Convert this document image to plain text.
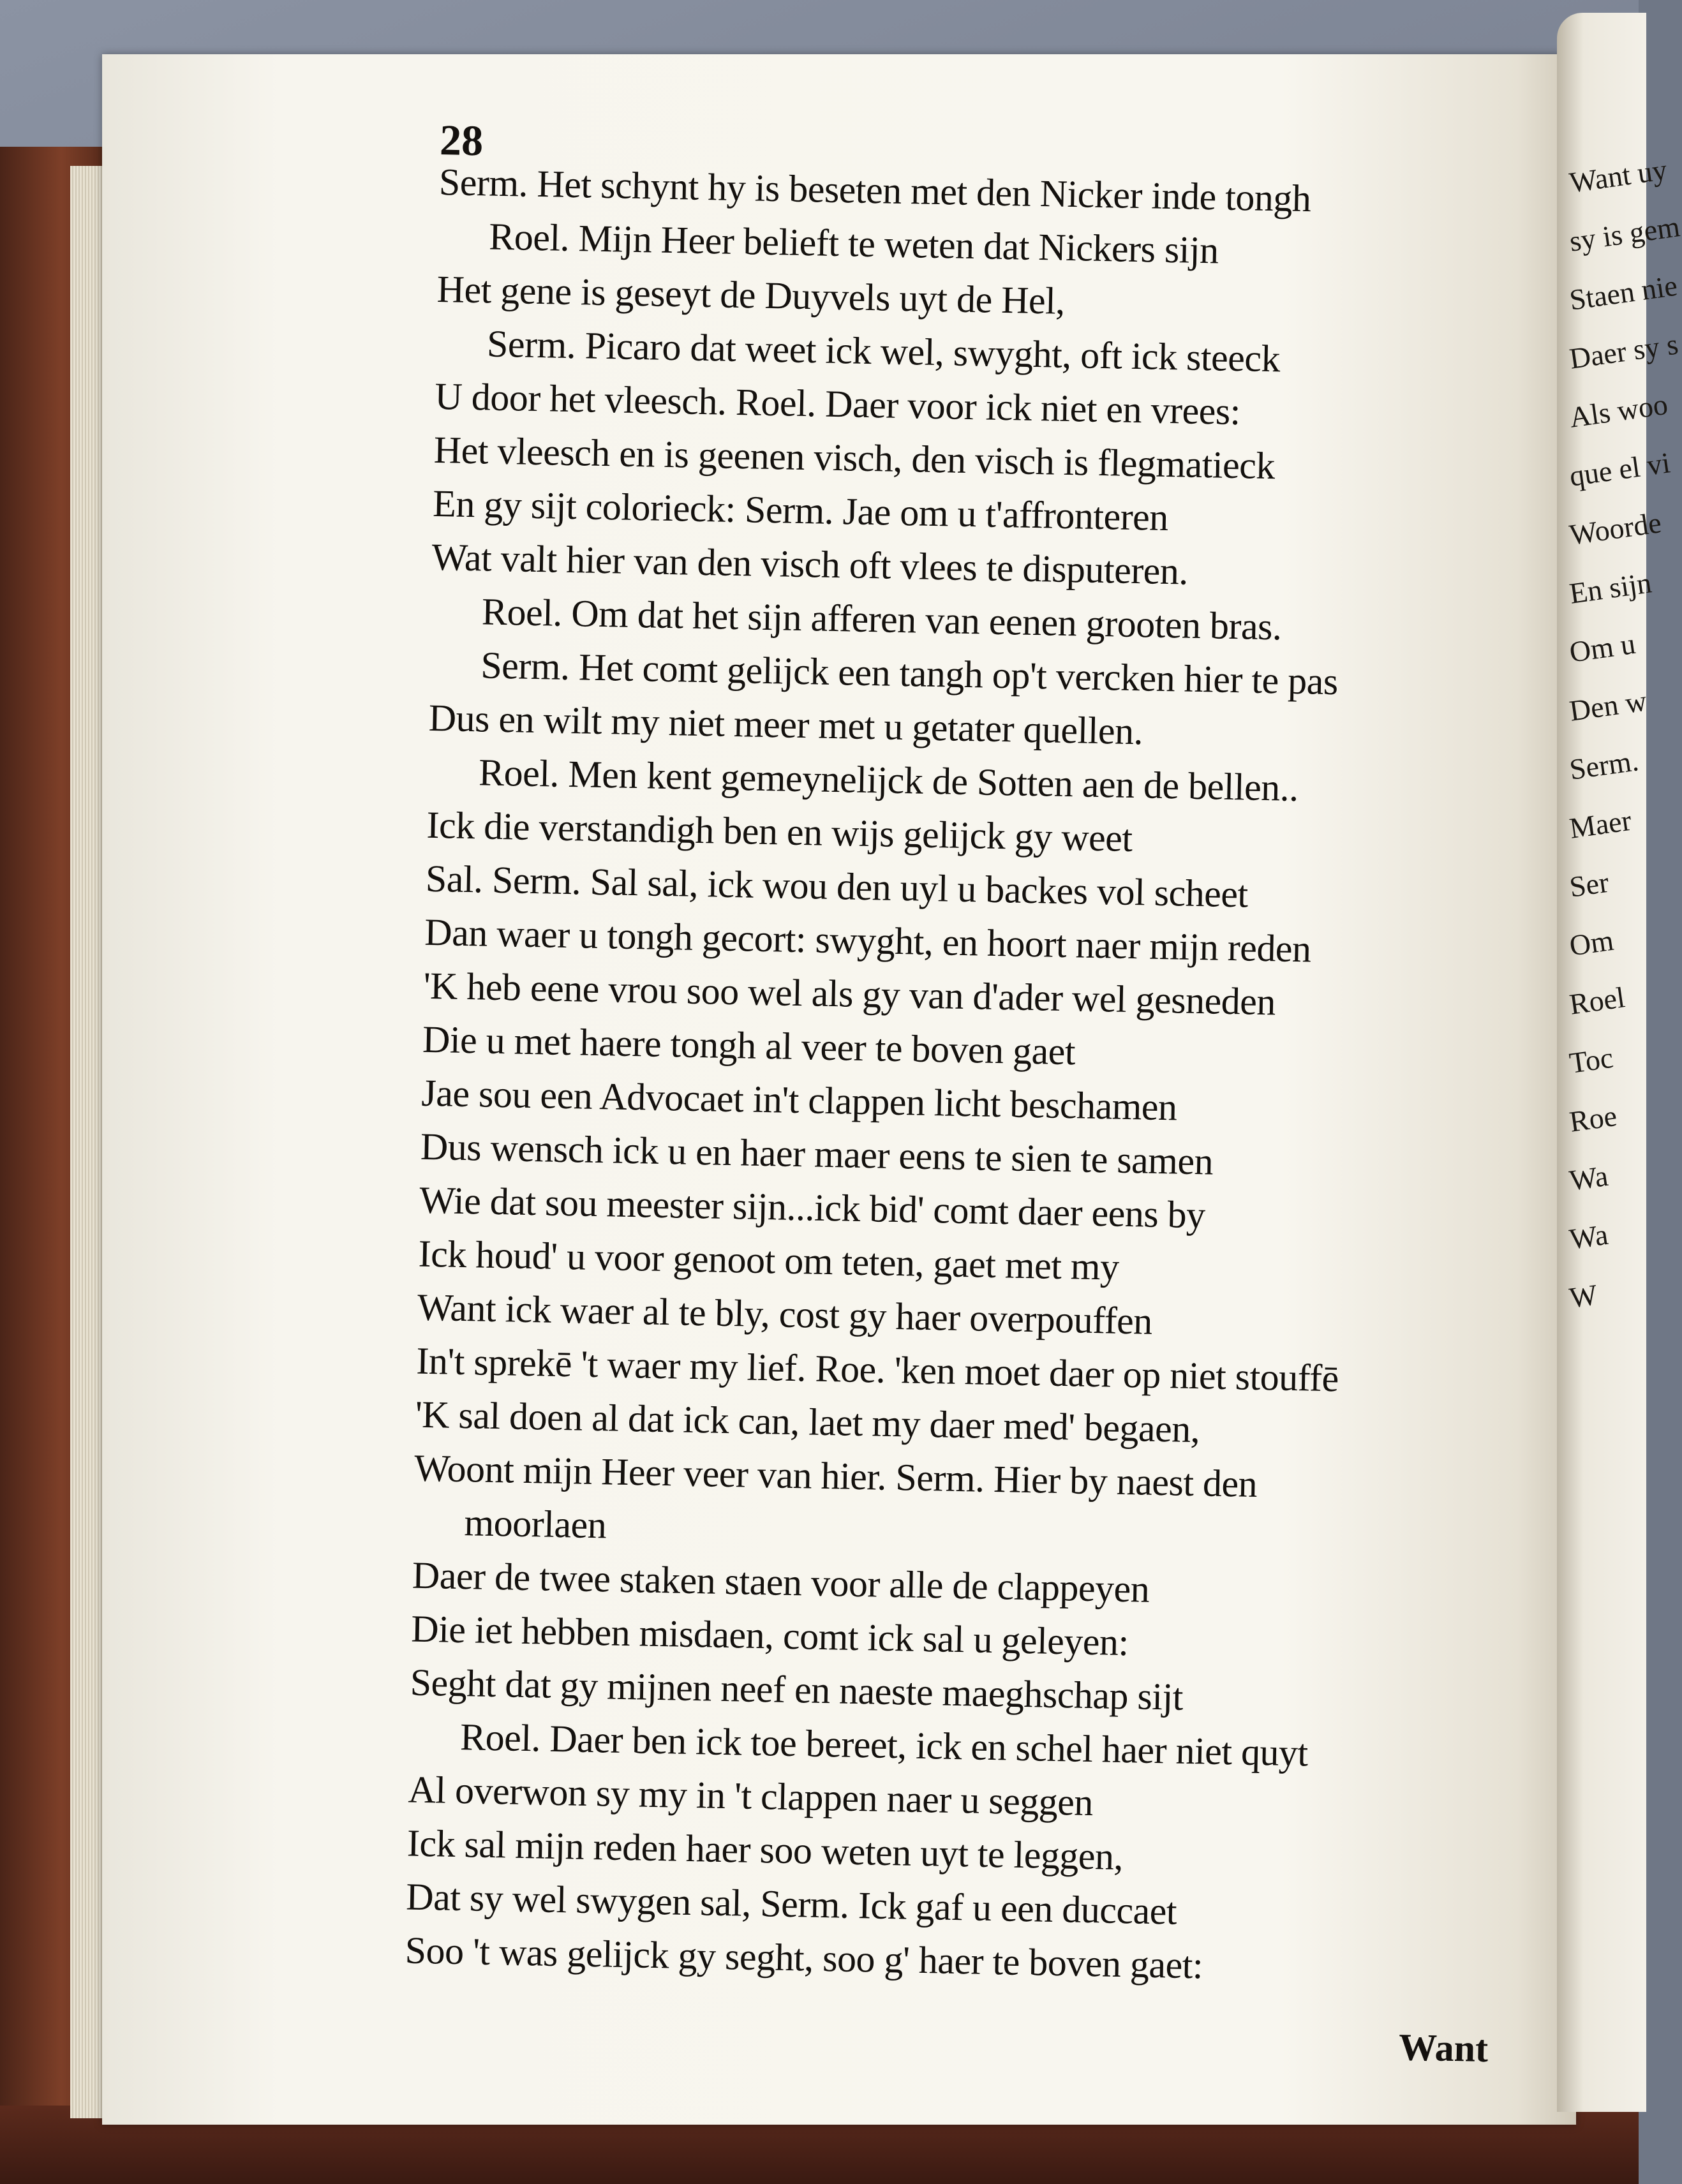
Want uy
sy is gem
Staen nie
Daer sy s
Als woo
que el vi
Woorde
En sijn
Om u
Den w
Serm.
Maer
Ser
Om
Roel
Toc
Roe
Wa
Wa
W
28
Want
Serm. Het schynt hy is beseten met den Nicker inde tongh
Roel. Mijn Heer belieft te weten dat Nickers sijn
Het gene is geseyt de Duyvels uyt de Hel,
Serm. Picaro dat weet ick wel, swyght, oft ick steeck
U door het vleesch. Roel. Daer voor ick niet en vrees:
Het vleesch en is geenen visch, den visch is flegmatieck
En gy sijt colorieck: Serm. Jae om u t'affronteren
Wat valt hier van den visch oft vlees te disputeren.
Roel. Om dat het sijn afferen van eenen grooten bras.
Serm. Het comt gelijck een tangh op't vercken hier te pas
Dus en wilt my niet meer met u getater quellen.
Roel. Men kent gemeynelijck de Sotten aen de bellen..
Ick die verstandigh ben en wijs gelijck gy weet
Sal. Serm. Sal sal, ick wou den uyl u backes vol scheet
Dan waer u tongh gecort: swyght, en hoort naer mijn reden
'K heb eene vrou soo wel als gy van d'ader wel gesneden
Die u met haere tongh al veer te boven gaet
Jae sou een Advocaet in't clappen licht beschamen
Dus wensch ick u en haer maer eens te sien te samen
Wie dat sou meester sijn...ick bid' comt daer eens by
Ick houd' u voor genoot om teten, gaet met my
Want ick waer al te bly, cost gy haer overpouffen
In't sprekē 't waer my lief. Roe. 'ken moet daer op niet stouffē
'K sal doen al dat ick can, laet my daer med' begaen,
Woont mijn Heer veer van hier. Serm. Hier by naest den
moorlaen
Daer de twee staken staen voor alle de clappeyen
Die iet hebben misdaen, comt ick sal u geleyen:
Seght dat gy mijnen neef en naeste maeghschap sijt
Roel. Daer ben ick toe bereet, ick en schel haer niet quyt
Al overwon sy my in 't clappen naer u seggen
Ick sal mijn reden haer soo weten uyt te leggen,
Dat sy wel swygen sal, Serm. Ick gaf u een duccaet
Soo 't was gelijck gy seght, soo g' haer te boven gaet:
